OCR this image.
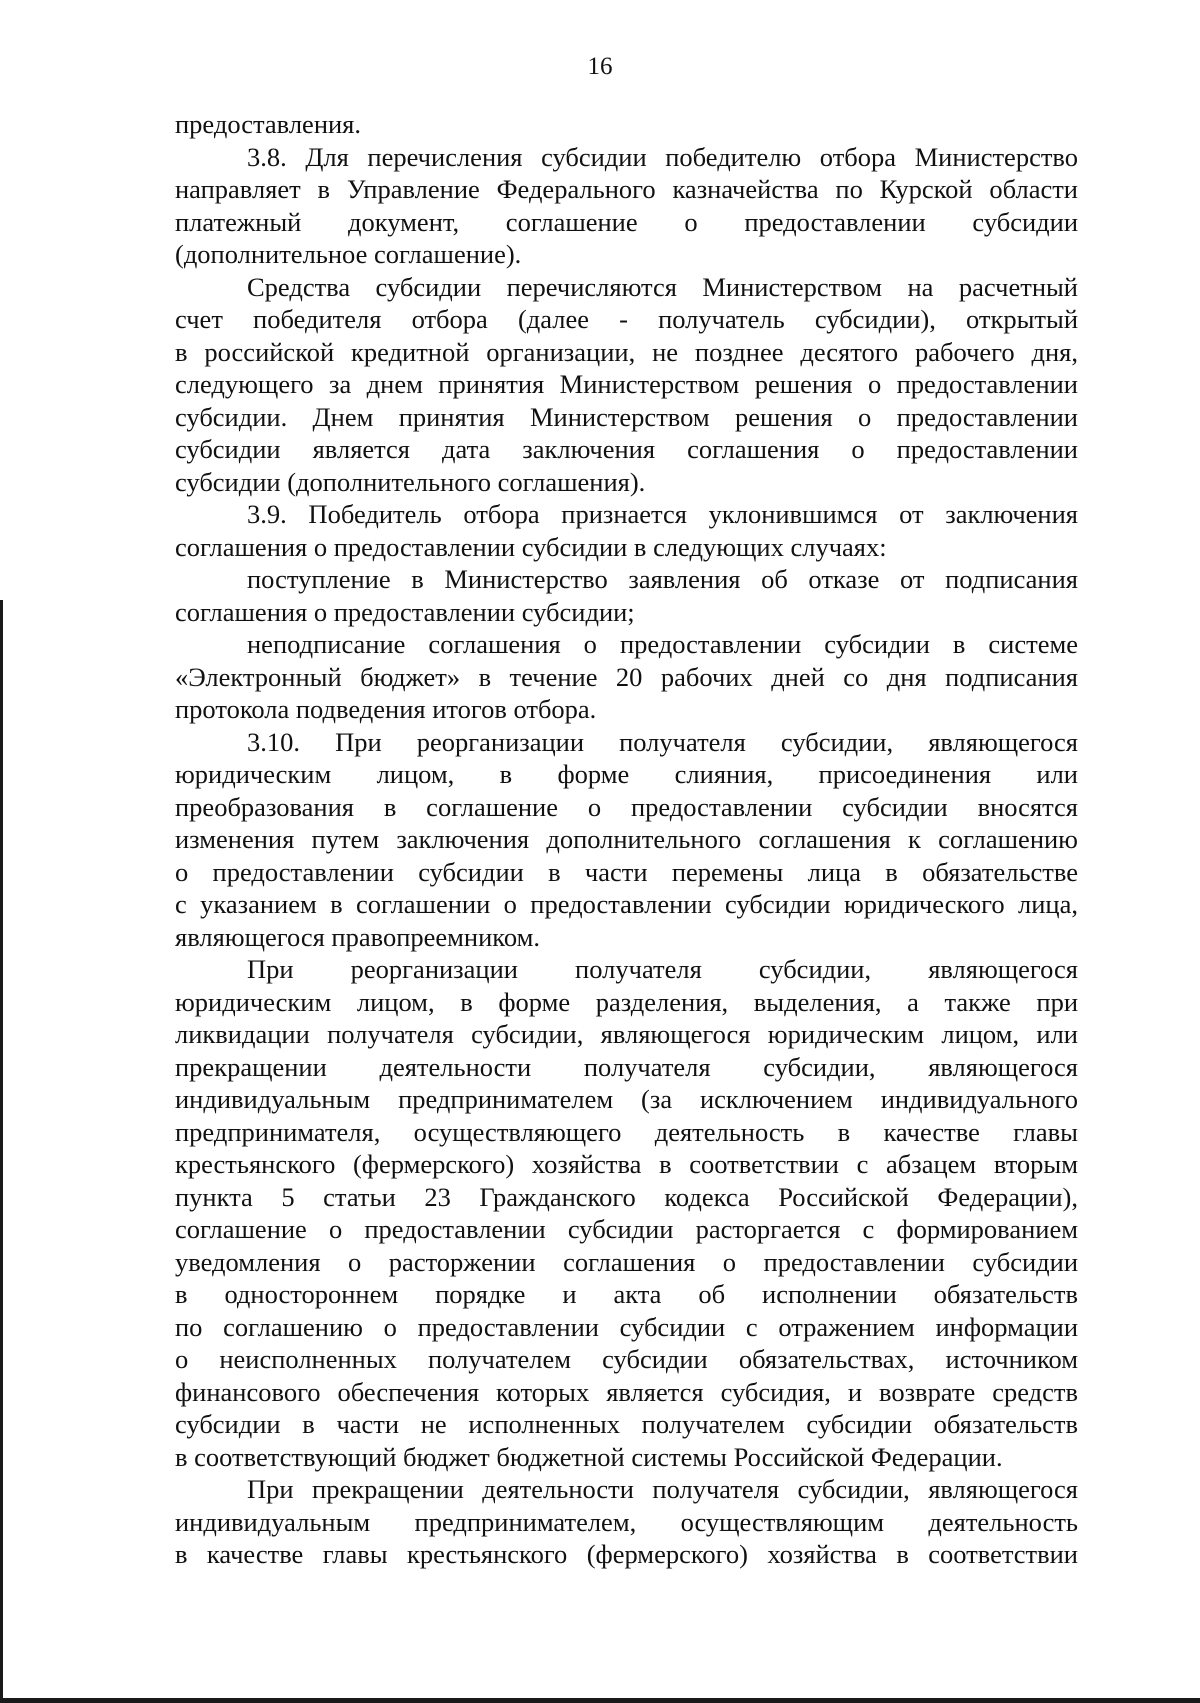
16
предоставления.
3.8. Для перечисления субсидии победителю отбора Министерство
направляет в Управление Федерального казначейства по Курской области
платежный документ, соглашение о предоставлении субсидии
(дополнительное соглашение).
Средства субсидии перечисляются Министерством на расчетный
счет победителя отбора (далее - получатель субсидии), открытый
в российской кредитной организации, не позднее десятого рабочего дня,
следующего за днем принятия Министерством решения о предоставлении
субсидии. Днем принятия Министерством решения о предоставлении
субсидии является дата заключения соглашения о предоставлении
субсидии (дополнительного соглашения).
3.9. Победитель отбора признается уклонившимся от заключения
соглашения о предоставлении субсидии в следующих случаях:
поступление в Министерство заявления об отказе от подписания
соглашения о предоставлении субсидии;
неподписание соглашения о предоставлении субсидии в системе
«Электронный бюджет» в течение 20 рабочих дней со дня подписания
протокола подведения итогов отбора.
3.10. При реорганизации получателя субсидии, являющегося
юридическим лицом, в форме слияния, присоединения или
преобразования в соглашение о предоставлении субсидии вносятся
изменения путем заключения дополнительного соглашения к соглашению
о предоставлении субсидии в части перемены лица в обязательстве
с указанием в соглашении о предоставлении субсидии юридического лица,
являющегося правопреемником.
При реорганизации получателя субсидии, являющегося
юридическим лицом, в форме разделения, выделения, а также при
ликвидации получателя субсидии, являющегося юридическим лицом, или
прекращении деятельности получателя субсидии, являющегося
индивидуальным предпринимателем (за исключением индивидуального
предпринимателя, осуществляющего деятельность в качестве главы
крестьянского (фермерского) хозяйства в соответствии с абзацем вторым
пункта 5 статьи 23 Гражданского кодекса Российской Федерации),
соглашение о предоставлении субсидии расторгается с формированием
уведомления о расторжении соглашения о предоставлении субсидии
в одностороннем порядке и акта об исполнении обязательств
по соглашению о предоставлении субсидии с отражением информации
о неисполненных получателем субсидии обязательствах, источником
финансового обеспечения которых является субсидия, и возврате средств
субсидии в части не исполненных получателем субсидии обязательств
в соответствующий бюджет бюджетной системы Российской Федерации.
При прекращении деятельности получателя субсидии, являющегося
индивидуальным предпринимателем, осуществляющим деятельность
в качестве главы крестьянского (фермерского) хозяйства в соответствии
